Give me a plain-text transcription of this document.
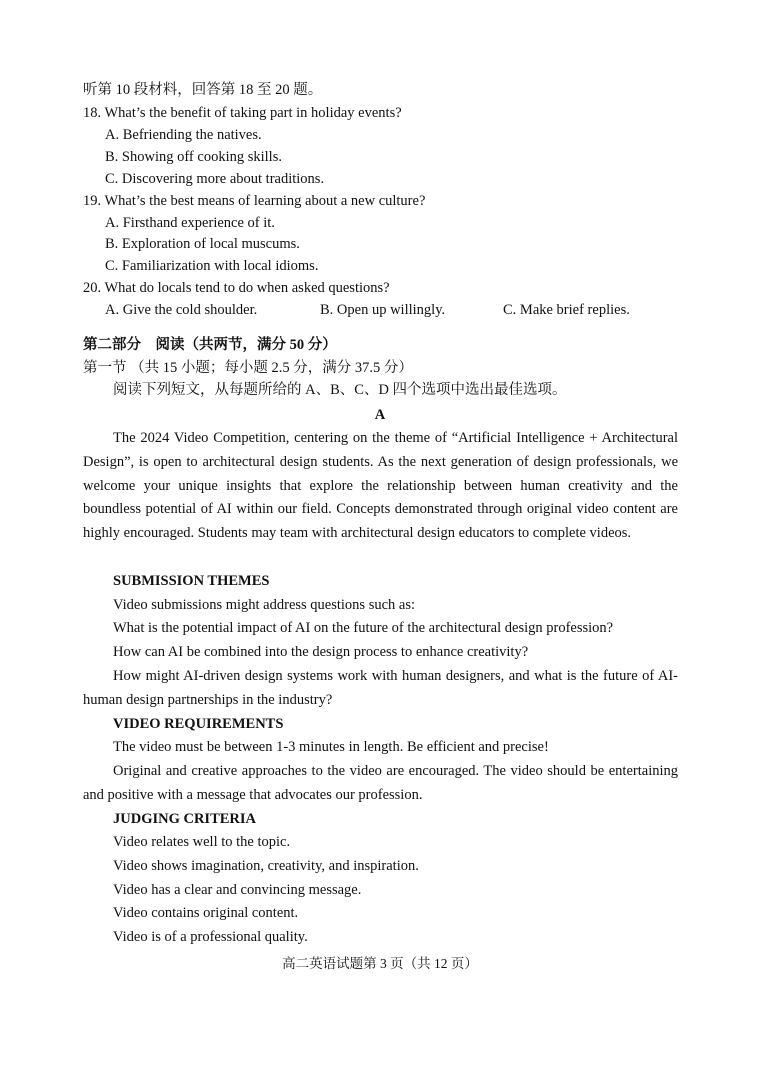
听第 10 段材料，回答第 18 至 20 题。
18. What’s the benefit of taking part in holiday events?
A. Befriending the natives.
B. Showing off cooking skills.
C. Discovering more about traditions.
19. What’s the best means of learning about a new culture?
A. Firsthand experience of it.
B. Exploration of local muscums.
C. Familiarization with local idioms.
20. What do locals tend to do when asked questions?
A. Give the cold shoulder.	B. Open up willingly.	C. Make brief replies.
第二部分　阅读（共两节，满分 50 分）
第一节 （共 15 小题；每小题 2.5 分，满分 37.5 分）
阅读下列短文，从每题所给的 A、B、C、D 四个选项中选出最佳选项。
A
The 2024 Video Competition, centering on the theme of “Artificial Intelligence + Architectural Design”, is open to architectural design students. As the next generation of design professionals, we welcome your unique insights that explore the relationship between human creativity and the boundless potential of AI within our field. Concepts demonstrated through original video content are highly encouraged. Students may team with architectural design educators to complete videos.
SUBMISSION THEMES
Video submissions might address questions such as:
What is the potential impact of AI on the future of the architectural design profession?
How can AI be combined into the design process to enhance creativity?
How might AI-driven design systems work with human designers, and what is the future of AI-human design partnerships in the industry?
VIDEO REQUIREMENTS
The video must be between 1-3 minutes in length. Be efficient and precise!
Original and creative approaches to the video are encouraged. The video should be entertaining and positive with a message that advocates our profession.
JUDGING CRITERIA
Video relates well to the topic.
Video shows imagination, creativity, and inspiration.
Video has a clear and convincing message.
Video contains original content.
Video is of a professional quality.
高二英语试题第 3 页（共 12 页）
